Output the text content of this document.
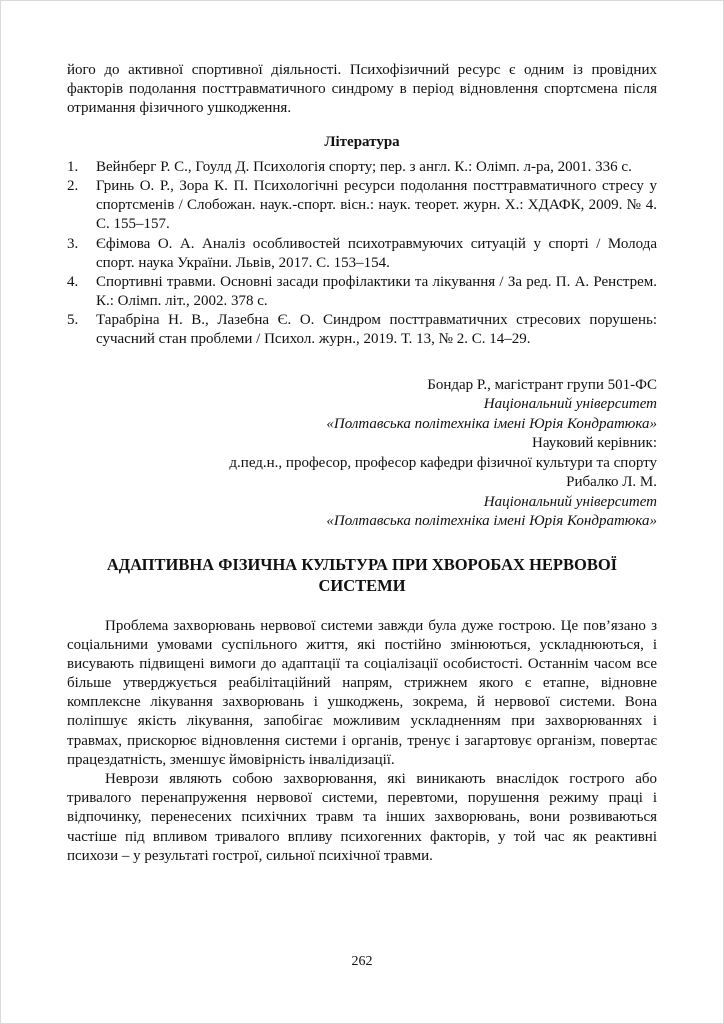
його до активної спортивної діяльності. Психофізичний ресурс є одним із провідних факторів подолання посттравматичного синдрому в період відновлення спортсмена після отримання фізичного ушкодження.

Література
1. Вейнберг Р. С., Гоулд Д. Психологія спорту; пер. з англ. К.: Олімп. л-ра, 2001. 336 с.
2. Гринь О. Р., Зора К. П. Психологічні ресурси подолання посттравматичного стресу у спортсменів / Слобожан. наук.-спорт. вісн.: наук. теорет. журн. Х.: ХДАФК, 2009. № 4. С. 155–157.
3. Єфімова О. А. Аналіз особливостей психотравмуючих ситуацій у спорті / Молода спорт. наука України. Львів, 2017. С. 153–154.
4. Спортивні травми. Основні засади профілактики та лікування / За ред. П. А. Ренстрем. К.: Олімп. літ., 2002. 378 с.
5. Тарабріна Н. В., Лазебна Є. О. Синдром посттравматичних стресових порушень: сучасний стан проблеми / Психол. журн., 2019. Т. 13, № 2. С. 14–29.
Бондар Р., магістрант групи 501-ФС
Національний університет
«Полтавська політехніка імені Юрія Кондратюка»
Науковий керівник:
д.пед.н., професор, професор кафедри фізичної культури та спорту
Рибалко Л. М.
Національний університет
«Полтавська політехніка імені Юрія Кондратюка»
АДАПТИВНА ФІЗИЧНА КУЛЬТУРА ПРИ ХВОРОБАХ НЕРВОВОЇ СИСТЕМИ

Проблема захворювань нервової системи завжди була дуже гострою. Це пов’язано з соціальними умовами суспільного життя, які постійно змінюються, ускладнюються, і висувають підвищені вимоги до адаптації та соціалізації особистості. Останнім часом все більше утверджується реабілітаційний напрям, стрижнем якого є етапне, відновне комплексне лікування захворювань і ушкоджень, зокрема, й нервової системи. Вона поліпшує якість лікування, запобігає можливим ускладненням при захворюваннях і травмах, прискорює відновлення системи і органів, тренує і загартовує організм, повертає працездатність, зменшує ймовірність інвалідизації.

Неврози являють собою захворювання, які виникають внаслідок гострого або тривалого перенапруження нервової системи, перевтоми, порушення режиму праці і відпочинку, перенесених психічних травм та інших захворювань, вони розвиваються частіше під впливом тривалого впливу психогенних факторів, у той час як реактивні психози – у результаті гострої, сильної психічної травми.

262
